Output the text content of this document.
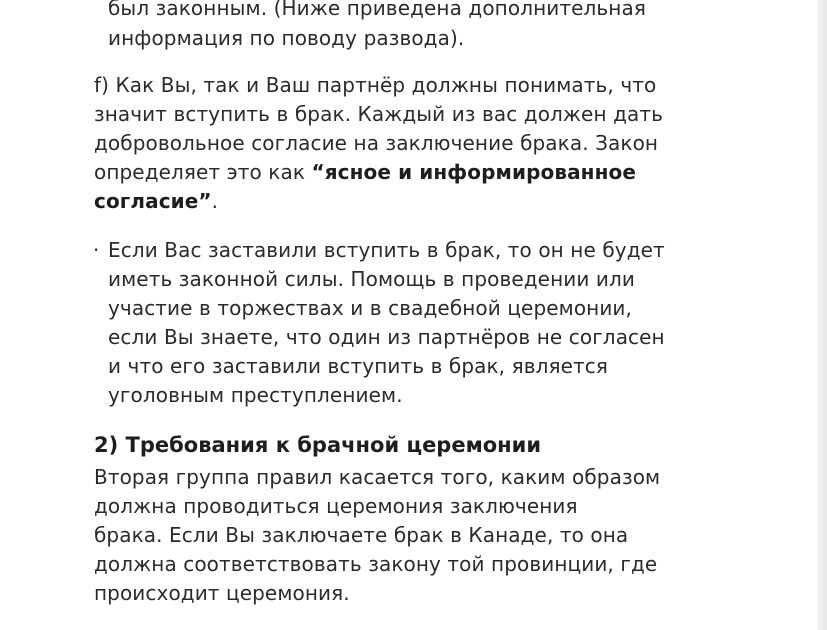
был законным. (Ниже приведена дополнительная
информация по поводу развода).
f) Как Вы, так и Ваш партнёр должны понимать, что
значит вступить в брак. Каждый из вас должен дать
добровольное согласие на заключение брака. Закон
определяет это как “ясное и информированное
согласие”.
· Если Вас заставили вступить в брак, то он не будет
иметь законной силы. Помощь в проведении или
участие в торжествах и в свадебной церемонии,
если Вы знаете, что один из партнёров не согласен
и что его заставили вступить в брак, является
уголовным преступлением.
2) Требования к брачной церемонии
Вторая группа правил касается того, каким образом
должна проводиться церемония заключения
брака. Если Вы заключаете брак в Канаде, то она
должна соответствовать закону той провинции, где
происходит церемония.
